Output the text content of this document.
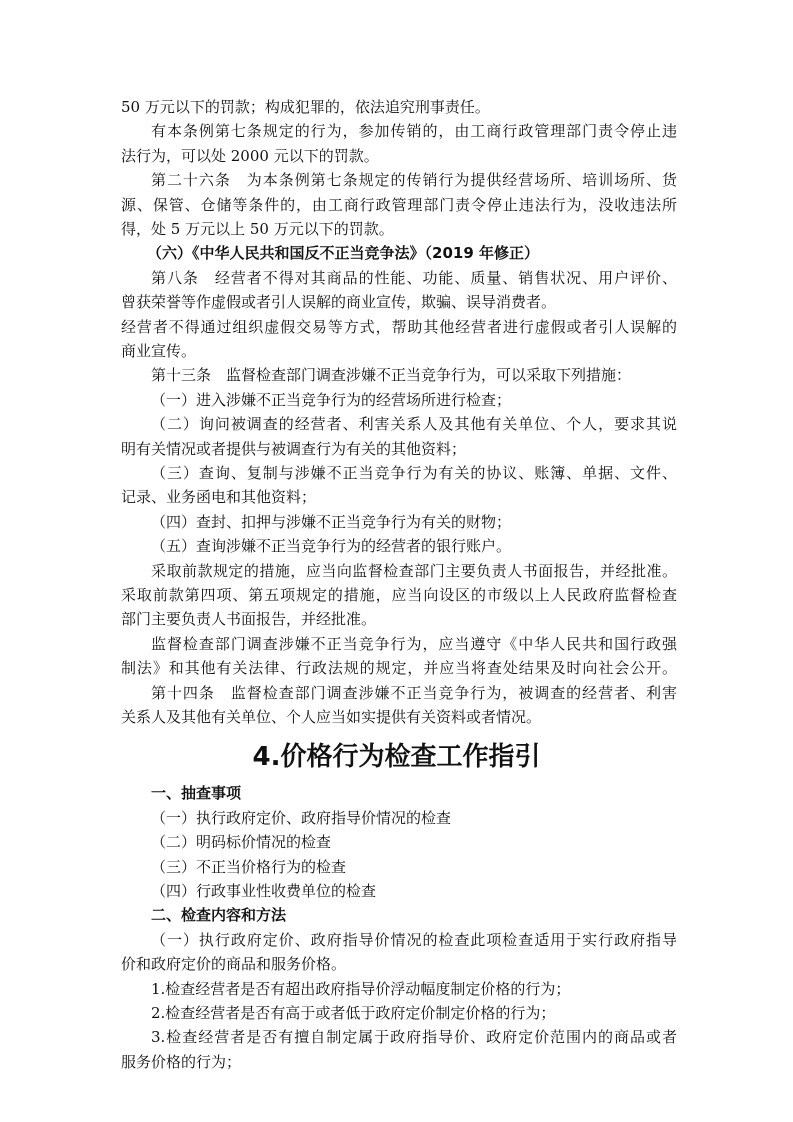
50 万元以下的罚款；构成犯罪的，依法追究刑事责任。
有本条例第七条规定的行为，参加传销的，由工商行政管理部门责令停止违
法行为，可以处 2000 元以下的罚款。
第二十六条　为本条例第七条规定的传销行为提供经营场所、培训场所、货
源、保管、仓储等条件的，由工商行政管理部门责令停止违法行为，没收违法所
得，处 5 万元以上 50 万元以下的罚款。
（六）《中华人民共和国反不正当竞争法》（2019 年修正）
第八条　经营者不得对其商品的性能、功能、质量、销售状况、用户评价、
曾获荣誉等作虚假或者引人误解的商业宣传，欺骗、误导消费者。
经营者不得通过组织虚假交易等方式，帮助其他经营者进行虚假或者引人误解的
商业宣传。
第十三条　监督检查部门调查涉嫌不正当竞争行为，可以采取下列措施：
（一）进入涉嫌不正当竞争行为的经营场所进行检查；
（二）询问被调查的经营者、利害关系人及其他有关单位、个人，要求其说
明有关情况或者提供与被调查行为有关的其他资料；
（三）查询、复制与涉嫌不正当竞争行为有关的协议、账簿、单据、文件、
记录、业务函电和其他资料；
（四）查封、扣押与涉嫌不正当竞争行为有关的财物；
（五）查询涉嫌不正当竞争行为的经营者的银行账户。
采取前款规定的措施，应当向监督检查部门主要负责人书面报告，并经批准。
采取前款第四项、第五项规定的措施，应当向设区的市级以上人民政府监督检查
部门主要负责人书面报告，并经批准。
监督检查部门调查涉嫌不正当竞争行为，应当遵守《中华人民共和国行政强
制法》和其他有关法律、行政法规的规定，并应当将查处结果及时向社会公开。
第十四条　监督检查部门调查涉嫌不正当竞争行为，被调查的经营者、利害
关系人及其他有关单位、个人应当如实提供有关资料或者情况。
4.价格行为检查工作指引
一、抽查事项
（一）执行政府定价、政府指导价情况的检查
（二）明码标价情况的检查
（三）不正当价格行为的检查
（四）行政事业性收费单位的检查
二、检查内容和方法
（一）执行政府定价、政府指导价情况的检查此项检查适用于实行政府指导
价和政府定价的商品和服务价格。
1.检查经营者是否有超出政府指导价浮动幅度制定价格的行为；
2.检查经营者是否有高于或者低于政府定价制定价格的行为；
3.检查经营者是否有擅自制定属于政府指导价、政府定价范围内的商品或者
服务价格的行为；
